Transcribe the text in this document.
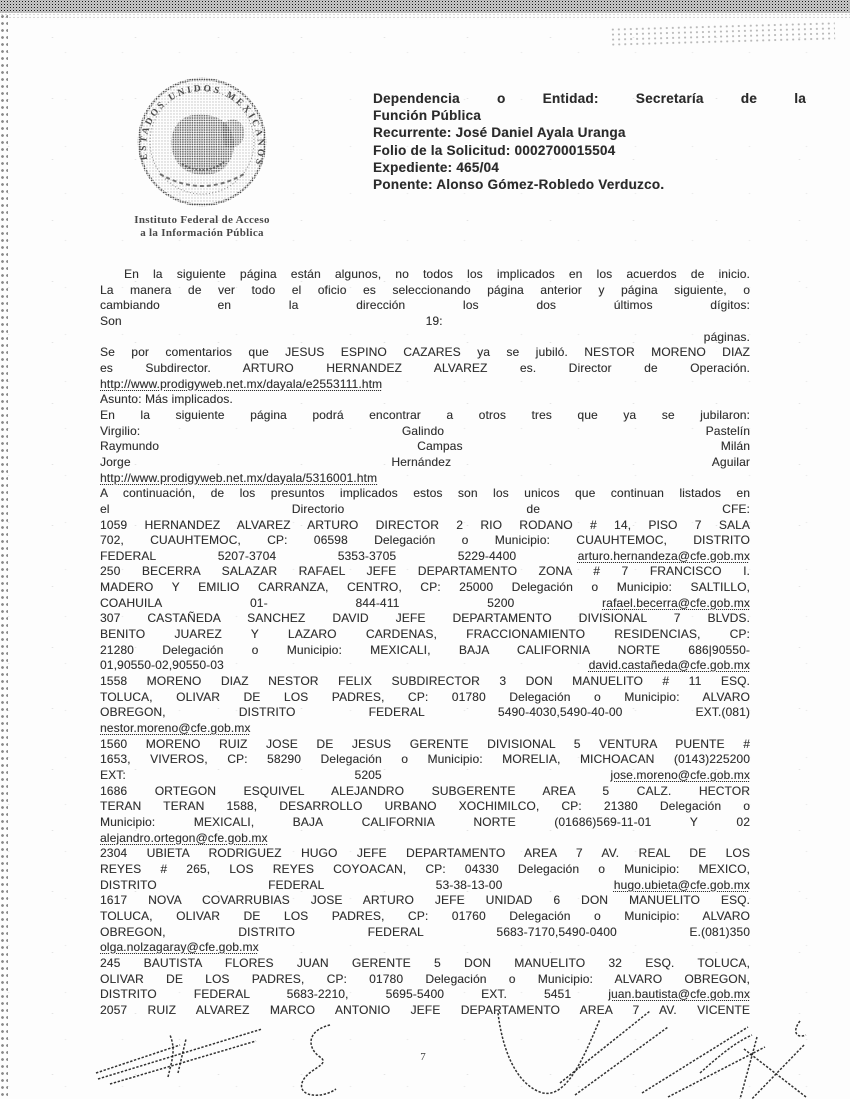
ESTADOS UNIDOS MEXICANOS
Instituto Federal de Acceso
a la Información Pública
Dependencia o Entidad: Secretaría de la
Función Pública
Recurrente: José Daniel Ayala Uranga
Folio de la Solicitud: 0002700015504
Expediente: 465/04
Ponente: Alonso Gómez-Robledo Verduzco.
En la siguiente página están algunos, no todos los implicados en los acuerdos de inicio.
La manera de ver todo el oficio es seleccionando página anterior y página siguiente, o
cambiando	en	la	dirección	los	dos	últimos	dígitos:
Son	19:

páginas.
Se por comentarios que JESUS ESPINO CAZARES ya se jubiló. NESTOR MORENO DIAZ
es Subdirector. ARTURO HERNANDEZ ALVAREZ es. Director de Operación.
http://www.prodigyweb.net.mx/dayala/e2553111.htm
Asunto: Más implicados.
En la siguiente página podrá encontrar a otros tres que ya se jubilaron:
Virgilio:	Galindo	Pastelín
Raymundo	Campas	Milán
Jorge	Hernández	Aguilar
http://www.prodigyweb.net.mx/dayala/5316001.htm
A continuación, de los presuntos implicados estos son los unicos que continuan listados en
el	Directorio	de	CFE:
1059 HERNANDEZ ALVAREZ ARTURO DIRECTOR 2 RIO RODANO # 14, PISO 7 SALA
702, CUAUHTEMOC, CP: 06598 Delegación o Municipio: CUAUHTEMOC, DISTRITO
FEDERAL	5207-3704	5353-3705	5229-4400	arturo.hernandeza@cfe.gob.mx
250 BECERRA SALAZAR RAFAEL JEFE DEPARTAMENTO ZONA # 7 FRANCISCO I.
MADERO Y EMILIO CARRANZA, CENTRO, CP: 25000 Delegación o Municipio: SALTILLO,
COAHUILA	01-	844-411	5200	rafael.becerra@cfe.gob.mx
307 CASTAÑEDA SANCHEZ DAVID JEFE DEPARTAMENTO DIVISIONAL 7 BLVDS.
BENITO JUAREZ Y LAZARO CARDENAS, FRACCIONAMIENTO RESIDENCIAS, CP:
21280 Delegación o Municipio: MEXICALI, BAJA CALIFORNIA NORTE 686|90550-
01,90550-02,90550-03	david.castañeda@cfe.gob.mx
1558 MORENO DIAZ NESTOR FELIX SUBDIRECTOR 3 DON MANUELITO # 11 ESQ.
TOLUCA, OLIVAR DE LOS PADRES, CP: 01780 Delegación o Municipio: ALVARO
OBREGON,	DISTRITO	FEDERAL	5490-4030,5490-40-00	EXT.(081)
nestor.moreno@cfe.gob.mx
1560 MORENO RUIZ JOSE DE JESUS GERENTE DIVISIONAL 5 VENTURA PUENTE #
1653, VIVEROS, CP: 58290 Delegación o Municipio: MORELIA, MICHOACAN (0143)225200
EXT:	5205	jose.moreno@cfe.gob.mx
1686 ORTEGON ESQUIVEL ALEJANDRO SUBGERENTE AREA 5 CALZ. HECTOR
TERAN TERAN 1588, DESARROLLO URBANO XOCHIMILCO, CP: 21380 Delegación o
Municipio:	MEXICALI,	BAJA	CALIFORNIA	NORTE	(01686)569-11-01	Y	02
alejandro.ortegon@cfe.gob.mx
2304 UBIETA RODRIGUEZ HUGO JEFE DEPARTAMENTO AREA 7 AV. REAL DE LOS
REYES # 265, LOS REYES COYOACAN, CP: 04330 Delegación o Municipio: MEXICO,
DISTRITO	FEDERAL	53-38-13-00	hugo.ubieta@cfe.gob.mx
1617 NOVA COVARRUBIAS JOSE ARTURO JEFE UNIDAD 6 DON MANUELITO ESQ.
TOLUCA, OLIVAR DE LOS PADRES, CP: 01760 Delegación o Municipio: ALVARO
OBREGON,	DISTRITO	FEDERAL	5683-7170,5490-0400	E.(081)350
olga.nolzagaray@cfe.gob.mx
245 BAUTISTA FLORES JUAN GERENTE 5 DON MANUELITO 32 ESQ. TOLUCA,
OLIVAR DE LOS PADRES, CP: 01780 Delegación o Municipio: ALVARO OBREGON,
DISTRITO FEDERAL 5683-2210, 5695-5400 EXT. 5451 juan.bautista@cfe.gob.mx
2057 RUIZ ALVAREZ MARCO ANTONIO JEFE DEPARTAMENTO AREA 7 AV. VICENTE
7
